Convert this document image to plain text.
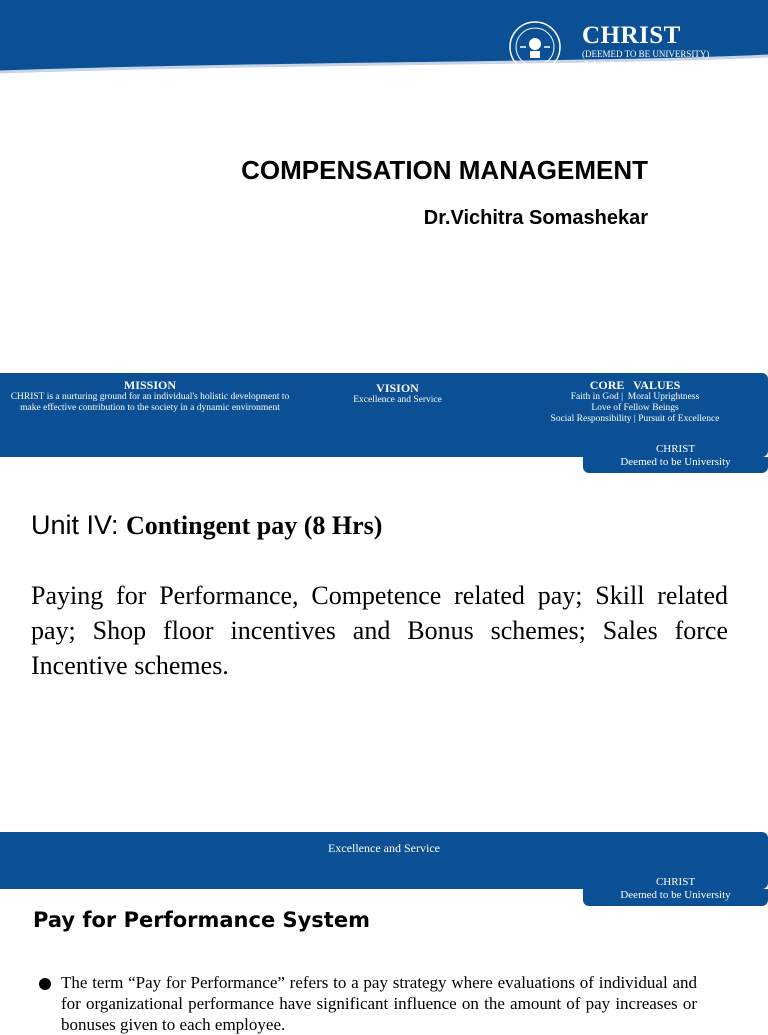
CHRIST
(DEEMED TO BE UNIVERSITY)
BANGALORE · INDIA
COMPENSATION MANAGEMENT
Dr.Vichitra Somashekar
MISSION
CHRIST is a nurturing ground for an individual's holistic development to make effective contribution to the society in a dynamic environment
VISION
Excellence and Service
CORE   VALUES
Faith in God |  Moral Uprightness
Love of Fellow Beings
Social Responsibility | Pursuit of Excellence
CHRIST
Deemed to be University

Unit IV: Contingent pay (8 Hrs)

Paying for Performance, Competence related pay; Skill related pay; Shop floor incentives and Bonus schemes; Sales force Incentive schemes.

Excellence and Service
CHRIST
Deemed to be University
Pay for Performance System

The term “Pay for Performance” refers to a pay strategy where evaluations of individual and for organizational performance have significant influence on the amount of pay increases or bonuses given to each employee.
